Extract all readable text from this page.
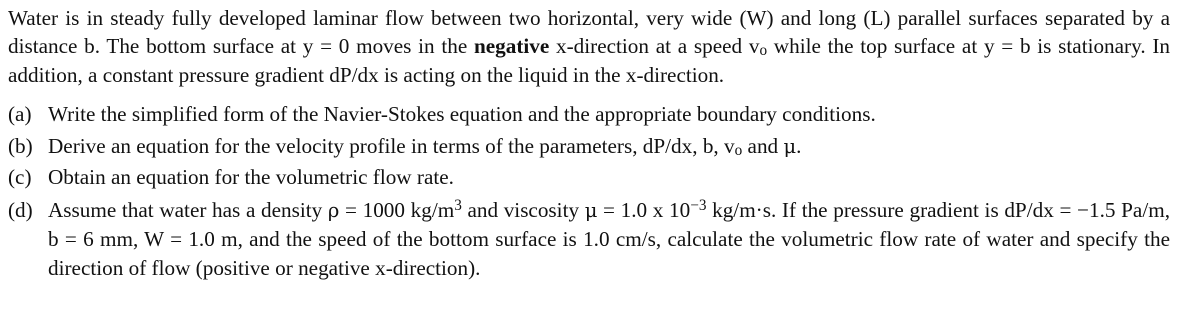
Water is in steady fully developed laminar flow between two horizontal, very wide (W) and long (L) parallel surfaces separated by a distance b. The bottom surface at y = 0 moves in the negative x-direction at a speed vo while the top surface at y = b is stationary. In addition, a constant pressure gradient dP/dx is acting on the liquid in the x-direction.

(a) Write the simplified form of the Navier-Stokes equation and the appropriate boundary conditions.
(b) Derive an equation for the velocity profile in terms of the parameters, dP/dx, b, vo and μ.
(c) Obtain an equation for the volumetric flow rate.
(d) Assume that water has a density ρ = 1000 $kg/m^3$ and viscosity μ = 1.0 x $10^{-3}$ kg/m·s. If the pressure gradient is dP/dx = −1.5 Pa/m, b = 6 mm, W = 1.0 m, and the speed of the bottom surface is 1.0 cm/s, calculate the volumetric flow rate of water and specify the direction of flow (positive or negative x-direction).
